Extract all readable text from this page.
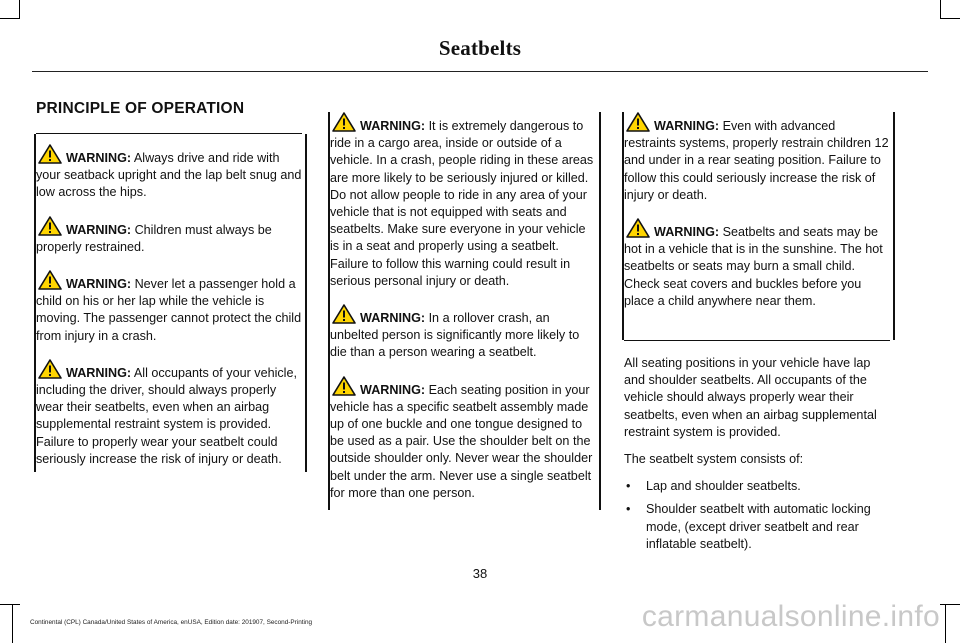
Seatbelts
PRINCIPLE OF OPERATION

WARNING: Always drive and ride with your seatback upright and the lap belt snug and low across the hips.

WARNING: Children must always be properly restrained.

WARNING: Never let a passenger hold a child on his or her lap while the vehicle is moving. The passenger cannot protect the child from injury in a crash.

WARNING: All occupants of your vehicle, including the driver, should always properly wear their seatbelts, even when an airbag supplemental restraint system is provided. Failure to properly wear your seatbelt could seriously increase the risk of injury or death.

WARNING: It is extremely dangerous to ride in a cargo area, inside or outside of a vehicle. In a crash, people riding in these areas are more likely to be seriously injured or killed. Do not allow people to ride in any area of your vehicle that is not equipped with seats and seatbelts. Make sure everyone in your vehicle is in a seat and properly using a seatbelt. Failure to follow this warning could result in serious personal injury or death.

WARNING: In a rollover crash, an unbelted person is significantly more likely to die than a person wearing a seatbelt.

WARNING: Each seating position in your vehicle has a specific seatbelt assembly made up of one buckle and one tongue designed to be used as a pair. Use the shoulder belt on the outside shoulder only. Never wear the shoulder belt under the arm. Never use a single seatbelt for more than one person.

WARNING: Even with advanced restraints systems, properly restrain children 12 and under in a rear seating position. Failure to follow this could seriously increase the risk of injury or death.

WARNING: Seatbelts and seats may be hot in a vehicle that is in the sunshine. The hot seatbelts or seats may burn a small child. Check seat covers and buckles before you place a child anywhere near them.

All seating positions in your vehicle have lap and shoulder seatbelts. All occupants of the vehicle should always properly wear their seatbelts, even when an airbag supplemental restraint system is provided.

The seatbelt system consists of:

• Lap and shoulder seatbelts.
• Shoulder seatbelt with automatic locking mode, (except driver seatbelt and rear inflatable seatbelt).
38
Continental (CPL) Canada/United States of America, enUSA, Edition date: 201907, Second-Printing	carmanualsonline.info
